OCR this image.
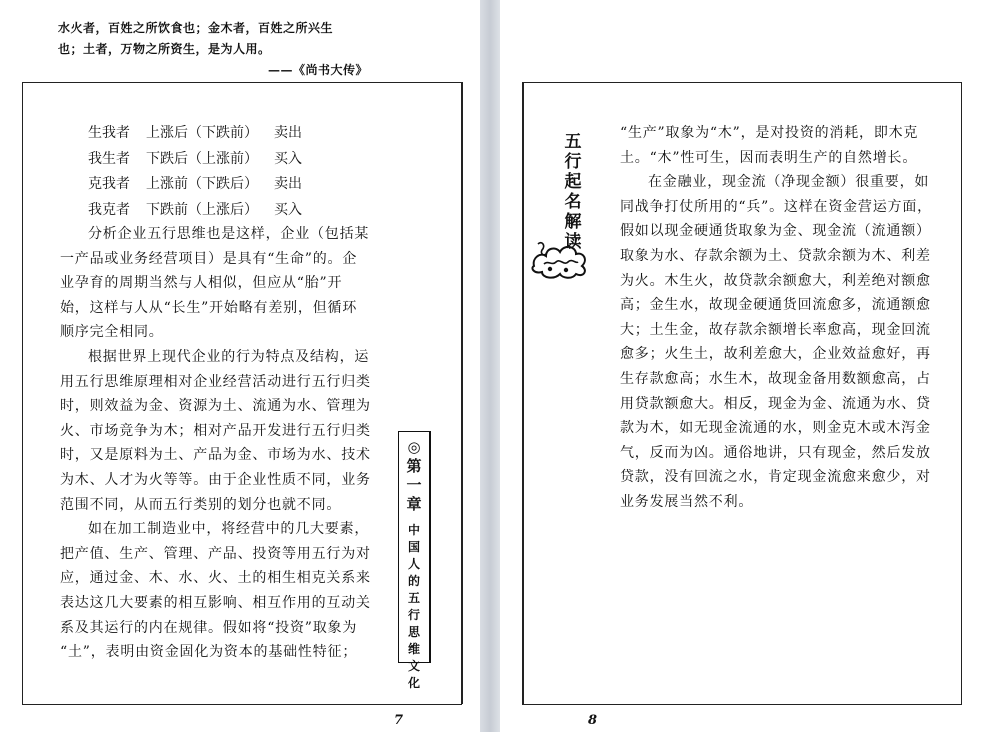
水火者，百姓之所饮食也；金木者，百姓之所兴生
也；土者，万物之所资生，是为人用。
——《尚书大传》
生我者	上涨后（下跌前）	卖出
我生者	下跌后（上涨前）	买入
克我者	上涨前（下跌后）	卖出
我克者	下跌前（上涨后）	买入
分析企业五行思维也是这样，企业（包括某
一产品或业务经营项目）是具有“生命”的。企
业孕育的周期当然与人相似，但应从“胎”开
始，这样与人从“长生”开始略有差别，但循环
顺序完全相同。
根据世界上现代企业的行为特点及结构，运
用五行思维原理相对企业经营活动进行五行归类
时，则效益为金、资源为土、流通为水、管理为
火、市场竞争为木；相对产品开发进行五行归类
时，又是原料为土、产品为金、市场为水、技术
为木、人才为火等等。由于企业性质不同，业务
范围不同，从而五行类别的划分也就不同。
如在加工制造业中，将经营中的几大要素，
把产值、生产、管理、产品、投资等用五行为对
应，通过金、木、水、火、土的相生相克关系来
表达这几大要素的相互影响、相互作用的互动关
系及其运行的内在规律。假如将“投资”取象为
“土”，表明由资金固化为资本的基础性特征；
◎
第
一
章
中
国
人
的
五
行
思
维
文
化
7
五
行
起
名
解
读
“生产”取象为“木”，是对投资的消耗，即木克
土。“木”性可生，因而表明生产的自然增长。
在金融业，现金流（净现金额）很重要，如
同战争打仗所用的“兵”。这样在资金营运方面，
假如以现金硬通货取象为金、现金流（流通额）
取象为水、存款余额为土、贷款余额为木、利差
为火。木生火，故贷款余额愈大，利差绝对额愈
高；金生水，故现金硬通货回流愈多，流通额愈
大；土生金，故存款余额增长率愈高，现金回流
愈多；火生土，故利差愈大，企业效益愈好，再
生存款愈高；水生木，故现金备用数额愈高，占
用贷款额愈大。相反，现金为金、流通为水、贷
款为木，如无现金流通的水，则金克木或木泻金
气，反而为凶。通俗地讲，只有现金，然后发放
贷款，没有回流之水，肯定现金流愈来愈少，对
业务发展当然不利。
8
